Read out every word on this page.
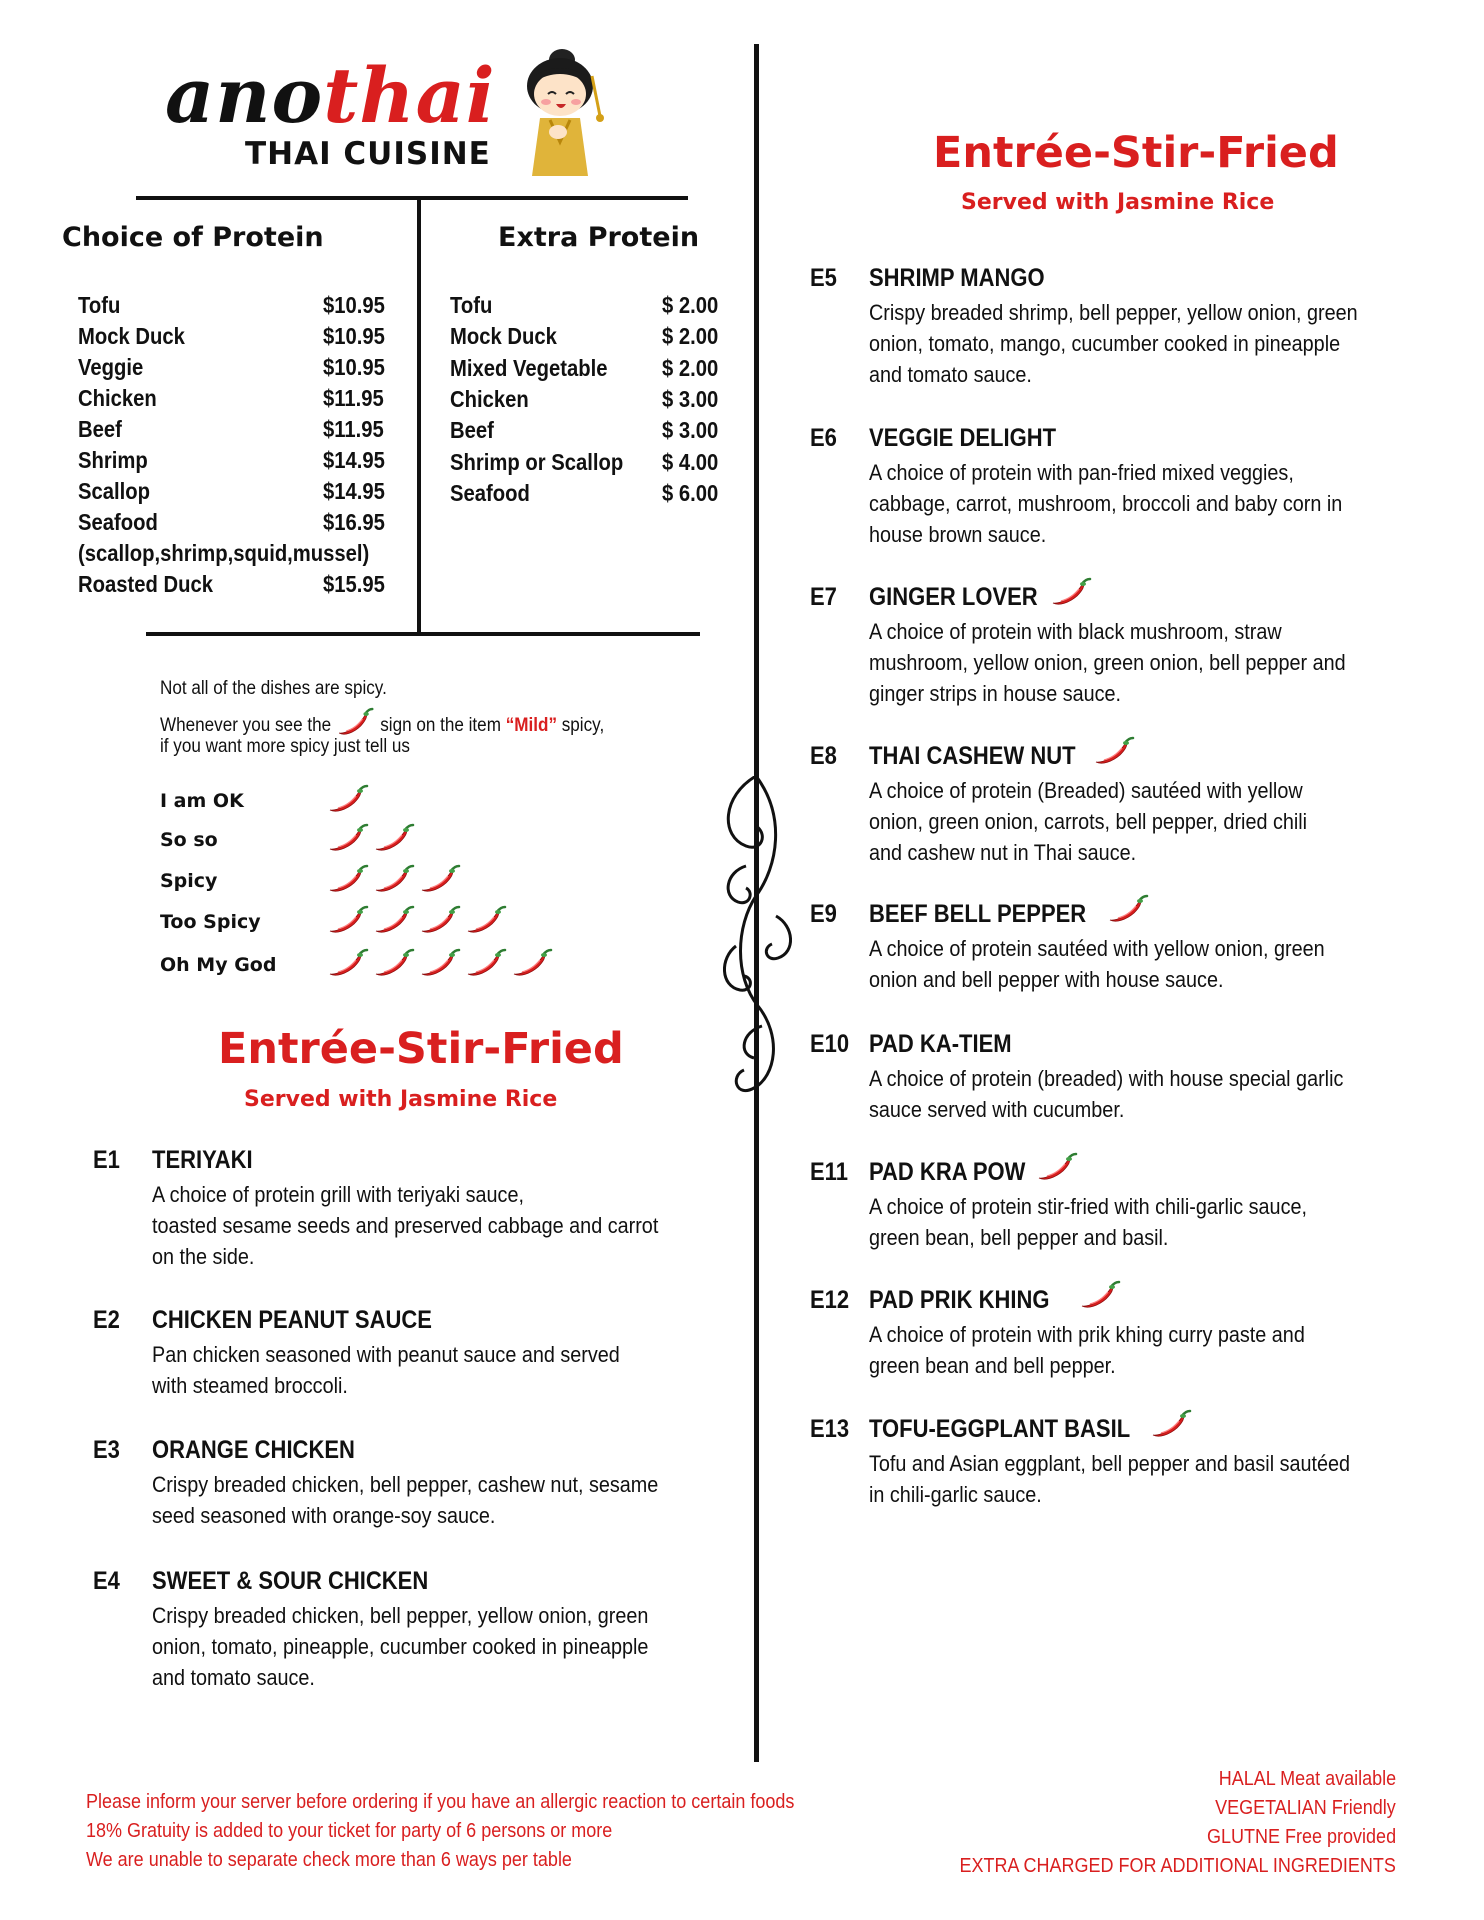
anothai
THAI CUISINE
Choice of Protein
Tofu	$10.95
Mock Duck	$10.95
Veggie	$10.95
Chicken	$11.95
Beef	$11.95
Shrimp	$14.95
Scallop	$14.95
Seafood	$16.95
(scallop,shrimp,squid,mussel)
Roasted Duck	$15.95
Extra Protein
Tofu	$ 2.00
Mock Duck	$ 2.00
Mixed Vegetable $ 2.00
Chicken	$ 3.00
Beef	$ 3.00
Shrimp or Scallop $ 4.00
Seafood	$ 6.00
Not all of the dishes are spicy.
Whenever you see the	sign on the item “Mild” spicy,
if you want more spicy just tell us
I am OK
So so
Spicy
Too Spicy
Oh My God
Entrée-Stir-Fried
Served with Jasmine Rice
E1 TERIYAKI
A choice of protein grill with teriyaki sauce,
toasted sesame seeds and preserved cabbage and carrot
on the side.
E2 CHICKEN PEANUT SAUCE
Pan chicken seasoned with peanut sauce and served
with steamed broccoli.
E3 ORANGE CHICKEN
Crispy breaded chicken, bell pepper, cashew nut, sesame
seed seasoned with orange-soy sauce.
E4 SWEET & SOUR CHICKEN
Crispy breaded chicken, bell pepper, yellow onion, green
onion, tomato, pineapple, cucumber cooked in pineapple
and tomato sauce.
Entrée-Stir-Fried
Served with Jasmine Rice
E5 SHRIMP MANGO
Crispy breaded shrimp, bell pepper, yellow onion, green
onion, tomato, mango, cucumber cooked in pineapple
and tomato sauce.
E6 VEGGIE DELIGHT
A choice of protein with pan-fried mixed veggies,
cabbage, carrot, mushroom, broccoli and baby corn in
house brown sauce.
E7 GINGER LOVER
A choice of protein with black mushroom, straw
mushroom, yellow onion, green onion, bell pepper and
ginger strips in house sauce.
E8 THAI CASHEW NUT
A choice of protein (Breaded) sautéed with yellow
onion, green onion, carrots, bell pepper, dried chili
and cashew nut in Thai sauce.
E9 BEEF BELL PEPPER
A choice of protein sautéed with yellow onion, green
onion and bell pepper with house sauce.
E10 PAD KA-TIEM
A choice of protein (breaded) with house special garlic
sauce served with cucumber.
E11 PAD KRA POW
A choice of protein stir-fried with chili-garlic sauce,
green bean, bell pepper and basil.
E12 PAD PRIK KHING
A choice of protein with prik khing curry paste and
green bean and bell pepper.
E13 TOFU-EGGPLANT BASIL
Tofu and Asian eggplant, bell pepper and basil sautéed
in chili-garlic sauce.
Please inform your server before ordering if you have an allergic reaction to certain foods
18% Gratuity is added to your ticket for party of 6 persons or more
We are unable to separate check more than 6 ways per table
HALAL Meat available
VEGETALIAN Friendly
GLUTNE Free provided
EXTRA CHARGED FOR ADDITIONAL INGREDIENTS
